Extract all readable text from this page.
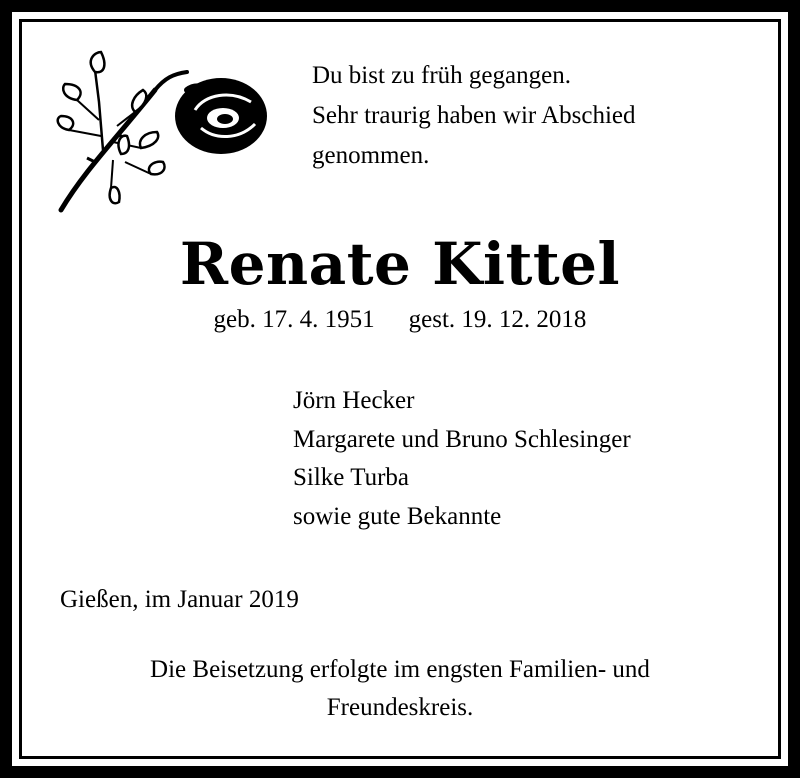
Du bist zu früh gegangen.
Sehr traurig haben wir Abschied
genommen.
Renate Kittel
geb. 17. 4. 1951 gest. 19. 12. 2018
Jörn Hecker
Margarete und Bruno Schlesinger
Silke Turba
sowie gute Bekannte
Gießen, im Januar 2019
Die Beisetzung erfolgte im engsten Familien- und
Freundeskreis.
